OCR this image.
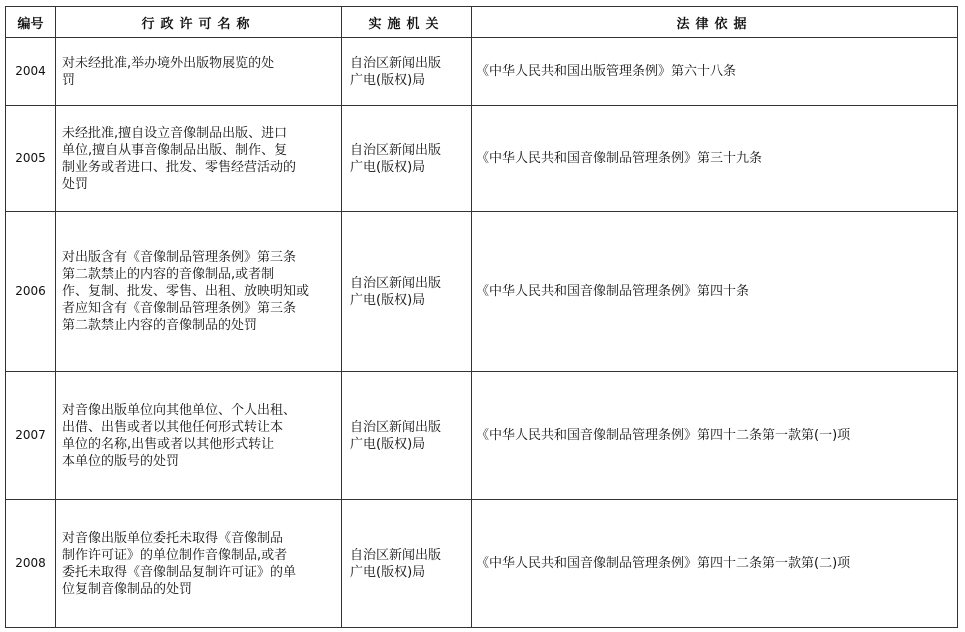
编号	行政许可名称	实施机关	法律依据
2004	对未经批准,举办境外出版物展览的处
罚	自治区新闻出版
广电(版权)局	《中华人民共和国出版管理条例》第六十八条
2005	未经批准,擅自设立音像制品出版、进口
单位,擅自从事音像制品出版、制作、复
制业务或者进口、批发、零售经营活动的
处罚	自治区新闻出版
广电(版权)局	《中华人民共和国音像制品管理条例》第三十九条
2006	对出版含有《音像制品管理条例》第三条
第二款禁止的内容的音像制品,或者制
作、复制、批发、零售、出租、放映明知或
者应知含有《音像制品管理条例》第三条
第二款禁止内容的音像制品的处罚	自治区新闻出版
广电(版权)局	《中华人民共和国音像制品管理条例》第四十条
2007	对音像出版单位向其他单位、个人出租、
出借、出售或者以其他任何形式转让本
单位的名称,出售或者以其他形式转让
本单位的版号的处罚	自治区新闻出版
广电(版权)局	《中华人民共和国音像制品管理条例》第四十二条第一款第(一)项
2008	对音像出版单位委托未取得《音像制品
制作许可证》的单位制作音像制品,或者
委托未取得《音像制品复制许可证》的单
位复制音像制品的处罚	自治区新闻出版
广电(版权)局	《中华人民共和国音像制品管理条例》第四十二条第一款第(二)项
